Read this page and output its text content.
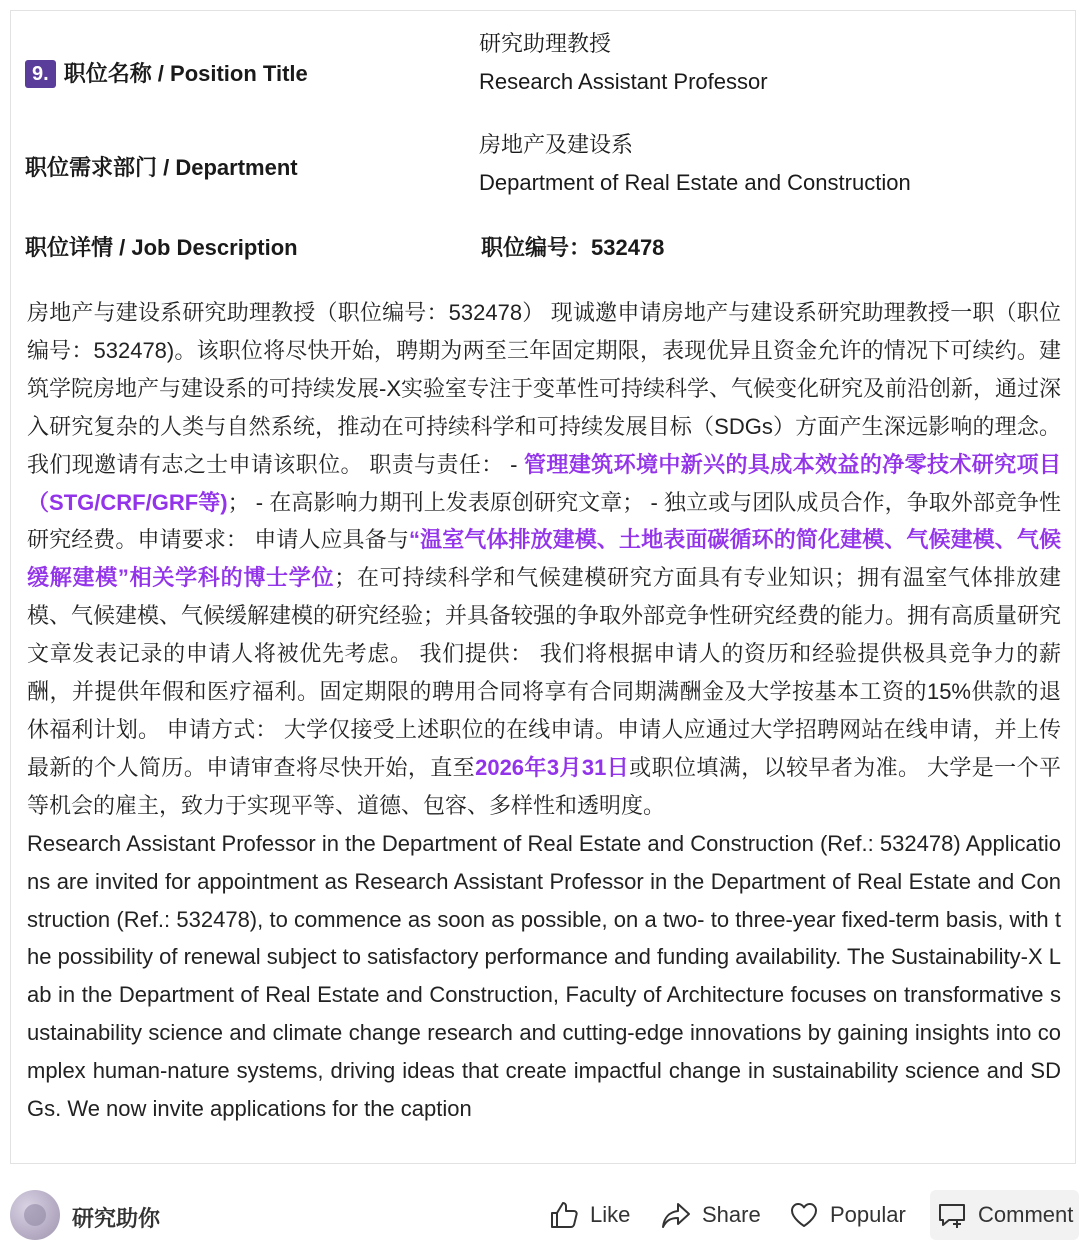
9. 职位名称 / Position Title
研究助理教授
Research Assistant Professor
职位需求部门 / Department
房地产及建设系
Department of Real Estate and Construction
职位详情 / Job Description	职位编号：532478

房地产与建设系研究助理教授（职位编号：532478） 现诚邀申请房地产与建设系研究助理教授一职（职位编号：532478)。该职位将尽快开始，聘期为两至三年固定期限，表现优异且资金允许的情况下可续约。建筑学院房地产与建设系的可持续发展-X实验室专注于变革性可持续科学、气候变化研究及前沿创新，通过深入研究复杂的人类与自然系统，推动在可持续科学和可持续发展目标（SDGs）方面产生深远影响的理念。我们现邀请有志之士申请该职位。 职责与责任： - 管理建筑环境中新兴的具成本效益的净零技术研究项目（STG/CRF/GRF等)； - 在高影响力期刊上发表原创研究文章； - 独立或与团队成员合作，争取外部竞争性研究经费。申请要求： 申请人应具备与“温室气体排放建模、土地表面碳循环的简化建模、气候建模、气候缓解建模”相关学科的博士学位；在可持续科学和气候建模研究方面具有专业知识；拥有温室气体排放建模、气候建模、气候缓解建模的研究经验；并具备较强的争取外部竞争性研究经费的能力。拥有高质量研究文章发表记录的申请人将被优先考虑。 我们提供： 我们将根据申请人的资历和经验提供极具竞争力的薪酬，并提供年假和医疗福利。固定期限的聘用合同将享有合同期满酬金及大学按基本工资的15%供款的退休福利计划。 申请方式： 大学仅接受上述职位的在线申请。申请人应通过大学招聘网站在线申请，并上传最新的个人简历。申请审查将尽快开始，直至2026年3月31日或职位填满，以较早者为准。 大学是一个平等机会的雇主，致力于实现平等、道德、包容、多样性和透明度。

Research Assistant Professor in the Department of Real Estate and Construction (Ref.: 532478) Applications are invited for appointment as Research Assistant Professor in the Department of Real Estate and Construction (Ref.: 532478), to commence as soon as possible, on a two- to three-year fixed-term basis, with the possibility of renewal subject to satisfactory performance and funding availability. The Sustainability-X Lab in the Department of Real Estate and Construction, Faculty of Architecture focuses on transformative sustainability science and climate change research and cutting-edge innovations by gaining insights into complex human-nature systems, driving ideas that create impactful change in sustainability science and SDGs. We now invite applications for the caption

研究助你	Like	Share	Popular	Comment
